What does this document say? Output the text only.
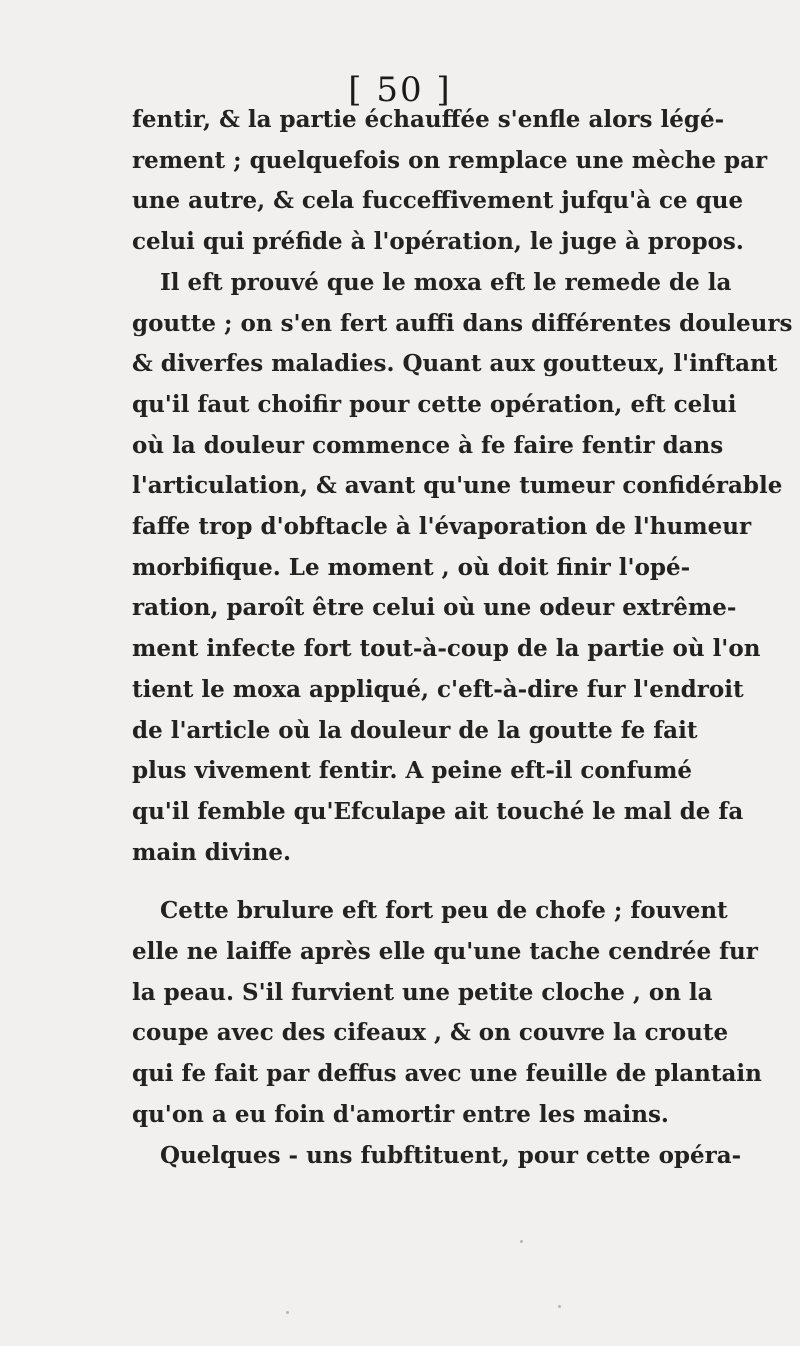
[ 50 ]
fentir, & la partie échauffée s'enfle alors légé-
rement ; quelquefois on remplace une mèche par
une autre, & cela fucceffivement jufqu'à ce que
celui qui préfide à l'opération, le juge à propos.
Il eft prouvé que le moxa eft le remede de la
goutte ; on s'en fert auffi dans différentes douleurs
& diverfes maladies. Quant aux goutteux, l'inftant
qu'il faut choifir pour cette opération, eft celui
où la douleur commence à fe faire fentir dans
l'articulation, & avant qu'une tumeur confidérable
faffe trop d'obftacle à l'évaporation de l'humeur
morbifique. Le moment , où doit finir l'opé-
ration, paroît être celui où une odeur extrême-
ment infecte fort tout-à-coup de la partie où l'on
tient le moxa appliqué, c'eft-à-dire fur l'endroit
de l'article où la douleur de la goutte fe fait
plus vivement fentir. A peine eft-il confumé
qu'il femble qu'Efculape ait touché le mal de fa
main divine.
Cette brulure eft fort peu de chofe ; fouvent
elle ne laiffe après elle qu'une tache cendrée fur
la peau. S'il furvient une petite cloche , on la
coupe avec des cifeaux , & on couvre la croute
qui fe fait par deffus avec une feuille de plantain
qu'on a eu foin d'amortir entre les mains.
Quelques - uns fubftituent, pour cette opéra-
